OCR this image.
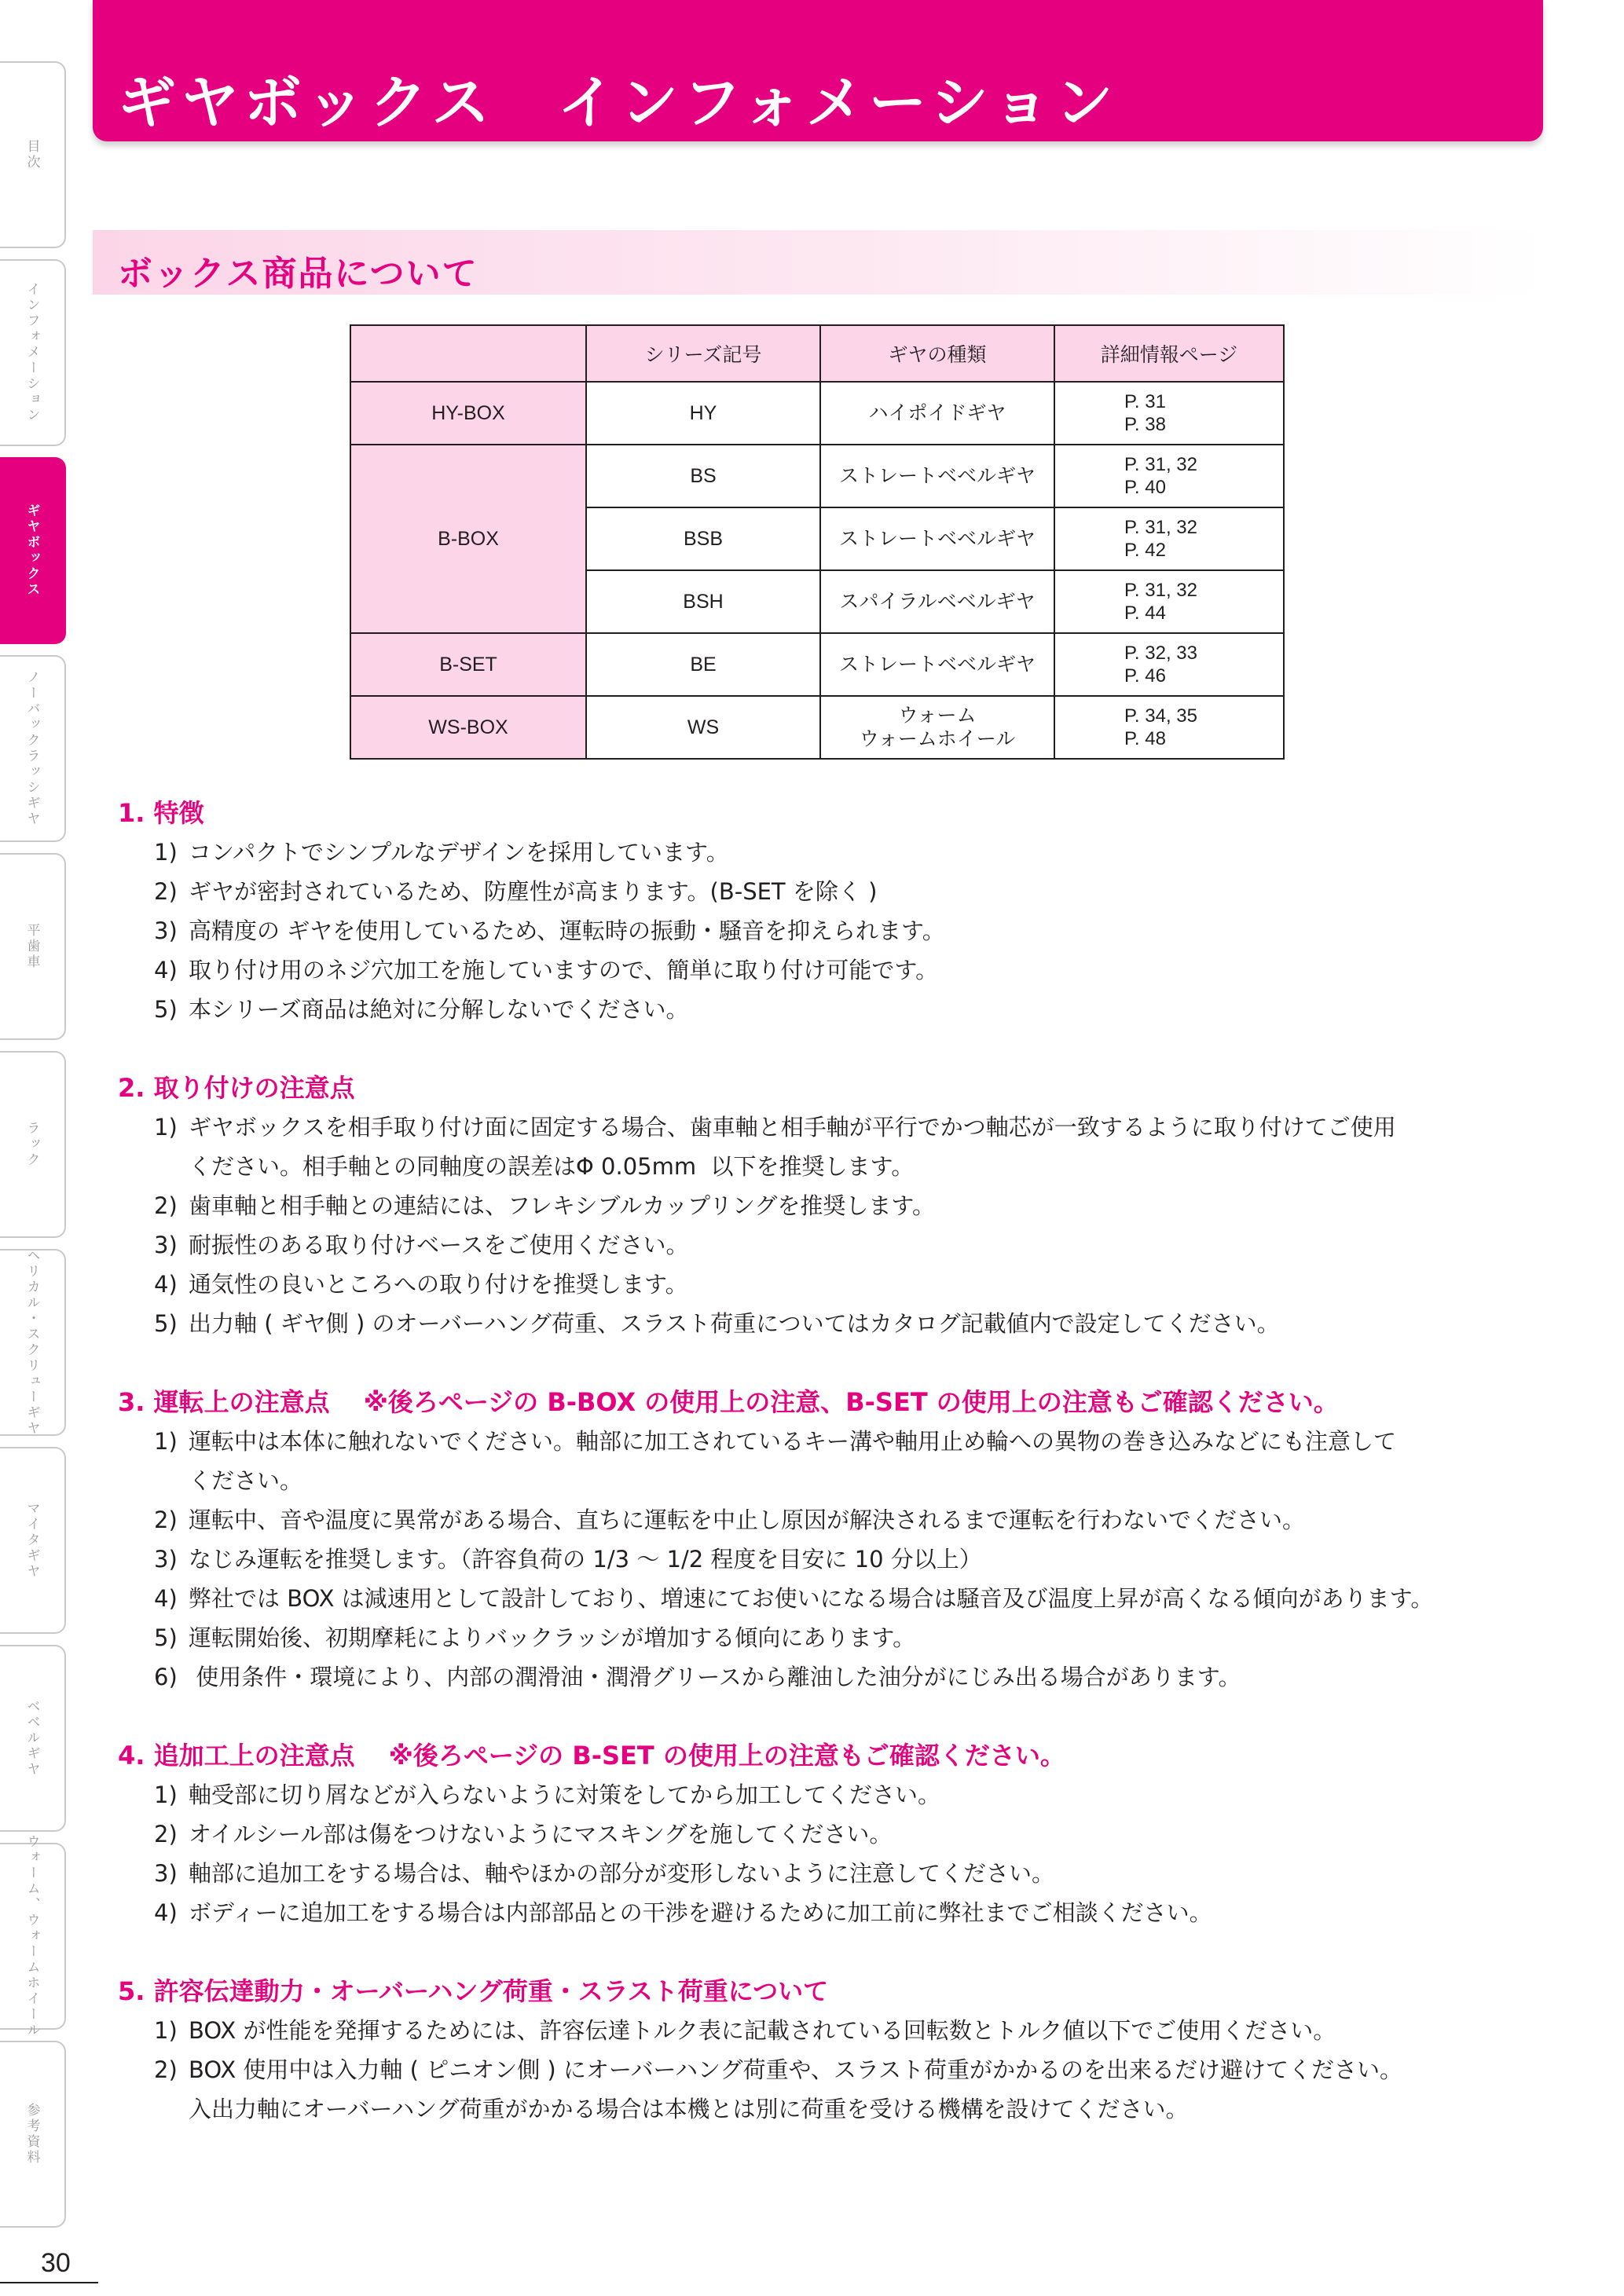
目次
インフォメーション
ギヤボックス
ノーバックラッシギヤ
平歯車
ラック
ヘリカル・スクリューギヤ
マイタギヤ
ベベルギヤ
ウォーム、ウォームホイール
参考資料
30
ギヤボックス　インフォメーション
ボックス商品について
	シリーズ記号	ギヤの種類	詳細情報ページ
HY-BOX	HY	ハイポイドギヤ	P. 31
P. 38

B-BOX	BS	ストレートベベルギヤ	P. 31, 32
P. 40

	BSB	ストレートベベルギヤ	P. 31, 32
P. 42

	BSH	スパイラルベベルギヤ	P. 31, 32
P. 44

B-SET	BE	ストレートベベルギヤ	P. 32, 33
P. 46

WS-BOX	WS	ウォーム
ウォームホイール	P. 34, 35
P. 48
1. 特徴
1) コンパクトでシンプルなデザインを採用しています。
2) ギヤが密封されているため、防塵性が高まります。(B-SET を除く )
3) 高精度の ギヤを使用しているため、運転時の振動・騒音を抑えられます。
4) 取り付け用のネジ穴加工を施していますので、簡単に取り付け可能です。
5) 本シリーズ商品は絶対に分解しないでください。
2. 取り付けの注意点
1) ギヤボックスを相手取り付け面に固定する場合、歯車軸と相手軸が平行でかつ軸芯が一致するように取り付けてご使用
ください。相手軸との同軸度の誤差はΦ 0.05mm  以下を推奨します。
2) 歯車軸と相手軸との連結には、フレキシブルカップリングを推奨します。
3) 耐振性のある取り付けベースをご使用ください。
4) 通気性の良いところへの取り付けを推奨します。
5) 出力軸 ( ギヤ側 ) のオーバーハング荷重、スラスト荷重についてはカタログ記載値内で設定してください。
3. 運転上の注意点　 ※後ろページの B-BOX の使用上の注意、B-SET の使用上の注意もご確認ください。
1) 運転中は本体に触れないでください。軸部に加工されているキー溝や軸用止め輪への異物の巻き込みなどにも注意して
ください。
2) 運転中、音や温度に異常がある場合、直ちに運転を中止し原因が解決されるまで運転を行わないでください。
3) なじみ運転を推奨します。（許容負荷の 1/3 ～ 1/2 程度を目安に 10 分以上）
4) 弊社では BOX は減速用として設計しており、増速にてお使いになる場合は騒音及び温度上昇が高くなる傾向があります。
5) 運転開始後、初期摩耗によりバックラッシが増加する傾向にあります。
6) 使用条件・環境により、内部の潤滑油・潤滑グリースから離油した油分がにじみ出る場合があります。
4. 追加工上の注意点　 ※後ろページの B-SET の使用上の注意もご確認ください。
1) 軸受部に切り屑などが入らないように対策をしてから加工してください。
2) オイルシール部は傷をつけないようにマスキングを施してください。
3) 軸部に追加工をする場合は、軸やほかの部分が変形しないように注意してください。
4) ボディーに追加工をする場合は内部部品との干渉を避けるために加工前に弊社までご相談ください。
5. 許容伝達動力・オーバーハング荷重・スラスト荷重について
1) BOX が性能を発揮するためには、許容伝達トルク表に記載されている回転数とトルク値以下でご使用ください。
2) BOX 使用中は入力軸 ( ピニオン側 ) にオーバーハング荷重や、スラスト荷重がかかるのを出来るだけ避けてください。
入出力軸にオーバーハング荷重がかかる場合は本機とは別に荷重を受ける機構を設けてください。
